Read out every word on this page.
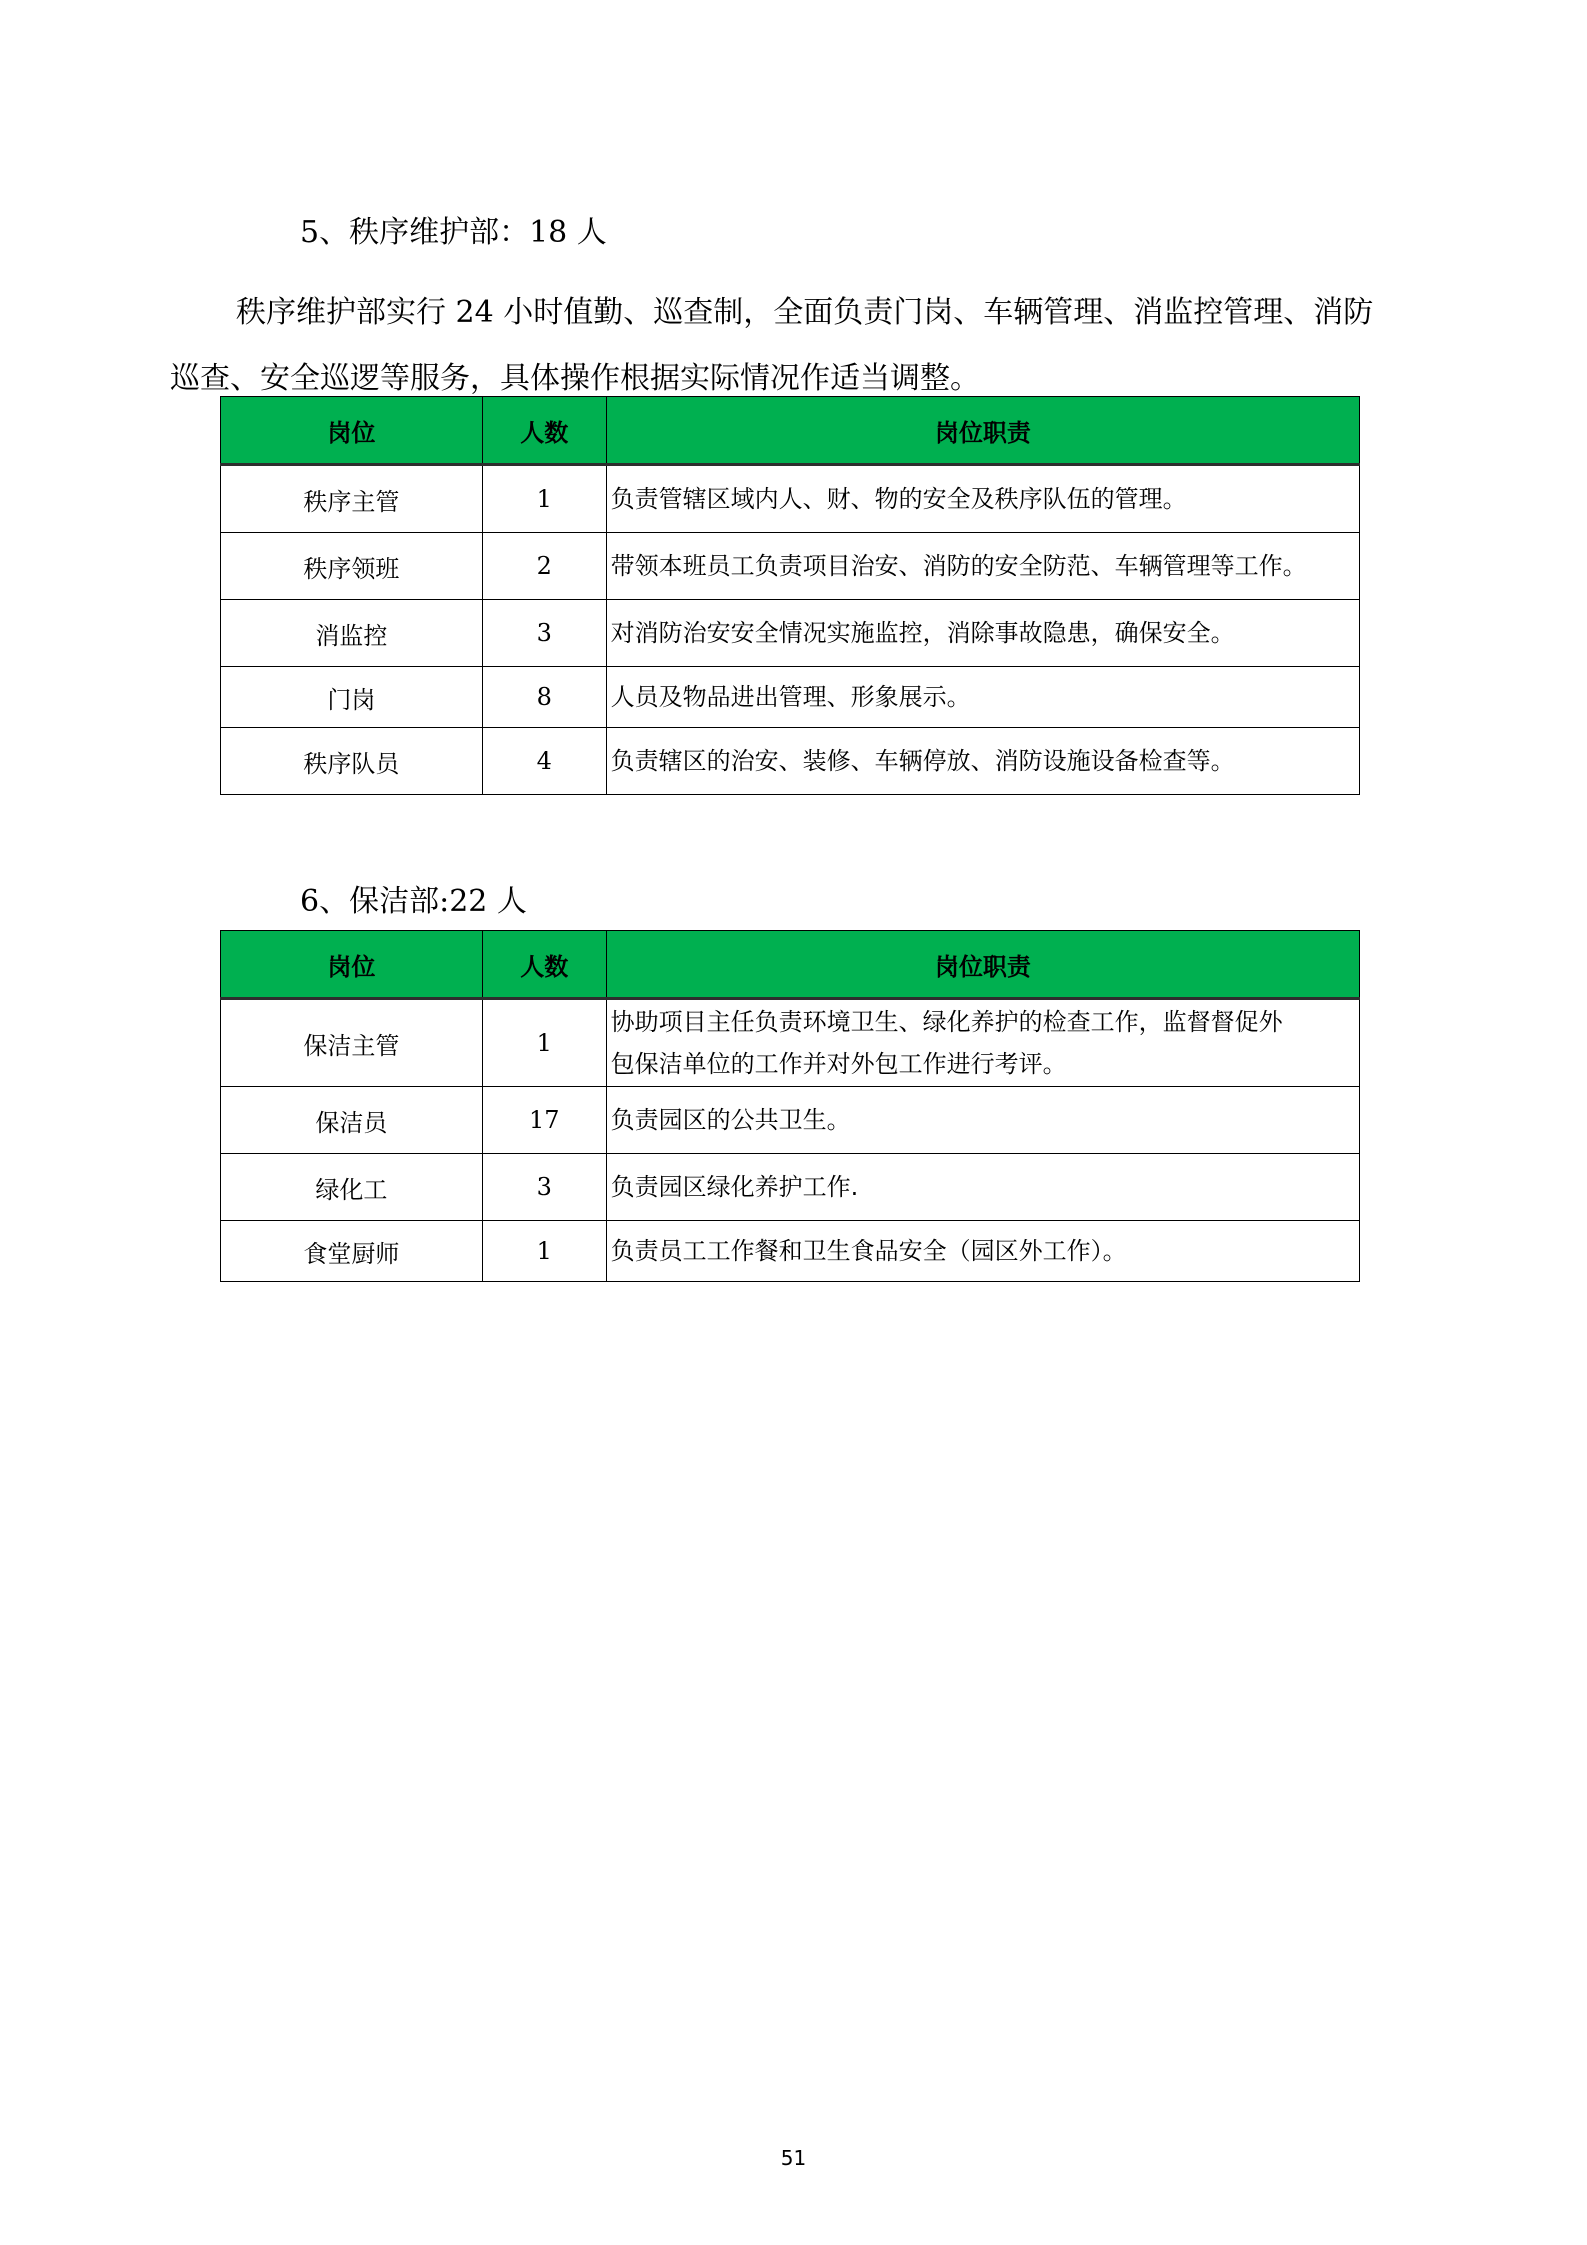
5、秩序维护部：18 人
秩序维护部实行 24 小时值勤、巡查制，全面负责门岗、车辆管理、消监控管理、消防
巡查、安全巡逻等服务，具体操作根据实际情况作适当调整。
岗位	人数	岗位职责
秩序主管	1	负责管辖区域内人、财、物的安全及秩序队伍的管理。
秩序领班	2	带领本班员工负责项目治安、消防的安全防范、车辆管理等工作。
消监控	3	对消防治安安全情况实施监控，消除事故隐患，确保安全。
门岗	8	人员及物品进出管理、形象展示。
秩序队员	4	负责辖区的治安、装修、车辆停放、消防设施设备检查等。
6、保洁部:22 人
岗位	人数	岗位职责
保洁主管	1	协助项目主任负责环境卫生、绿化养护的检查工作，监督督促外
包保洁单位的工作并对外包工作进行考评。

保洁员	17	负责园区的公共卫生。
绿化工	3	负责园区绿化养护工作.
食堂厨师	1	负责员工工作餐和卫生食品安全（园区外工作）。
51
